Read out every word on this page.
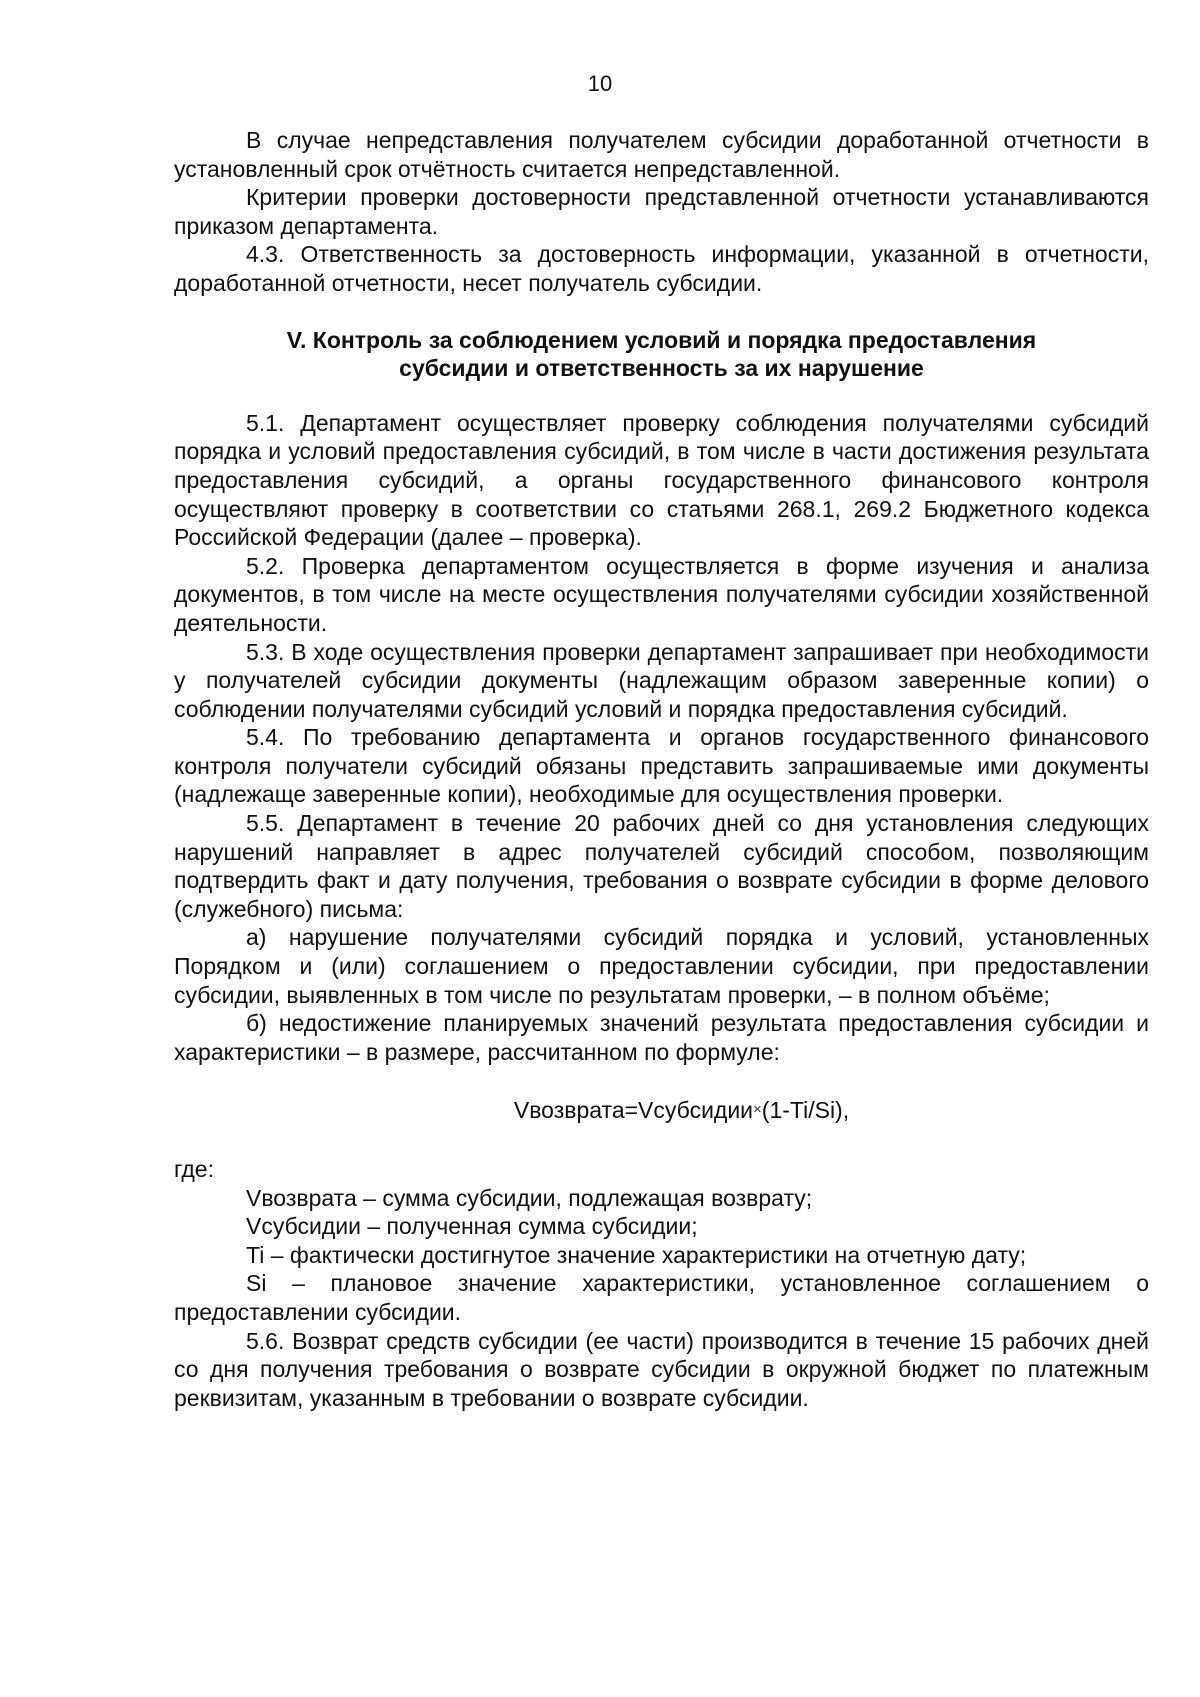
10

В случае непредставления получателем субсидии доработанной отчетности в установленный срок отчётность считается непредставленной.

Критерии проверки достоверности представленной отчетности устанавливаются приказом департамента.

4.3. Ответственность за достоверность информации, указанной в отчетности, доработанной отчетности, несет получатель субсидии.

V. Контроль за соблюдением условий и порядка предоставления
субсидии и ответственность за их нарушение

5.1. Департамент осуществляет проверку соблюдения получателями субсидий порядка и условий предоставления субсидий, в том числе в части достижения результата предоставления субсидий, а органы государственного финансового контроля осуществляют проверку в соответствии со статьями 268.1, 269.2 Бюджетного кодекса Российской Федерации (далее – проверка).

5.2. Проверка департаментом осуществляется в форме изучения и анализа документов, в том числе на месте осуществления получателями субсидии хозяйственной деятельности.

5.3. В ходе осуществления проверки департамент запрашивает при необходимости у получателей субсидии документы (надлежащим образом заверенные копии) о соблюдении получателями субсидий условий и порядка предоставления субсидий.

5.4. По требованию департамента и органов государственного финансового контроля получатели субсидий обязаны представить запрашиваемые ими документы (надлежаще заверенные копии), необходимые для осуществления проверки.

5.5. Департамент в течение 20 рабочих дней со дня установления следующих нарушений направляет в адрес получателей субсидий способом, позволяющим подтвердить факт и дату получения, требования о возврате субсидии в форме делового (служебного) письма:

а) нарушение получателями субсидий порядка и условий, установленных Порядком и (или) соглашением о предоставлении субсидии, при предоставлении субсидии, выявленных в том числе по результатам проверки, – в полном объёме;

б) недостижение планируемых значений результата предоставления субсидии и характеристики – в размере, рассчитанном по формуле:

Vвозврата=Vсубсидии×(1-Ti/Si),

где:

Vвозврата – сумма субсидии, подлежащая возврату;

Vсубсидии – полученная сумма субсидии;

Ti – фактически достигнутое значение характеристики на отчетную дату;

Si – плановое значение характеристики, установленное соглашением о предоставлении субсидии.

5.6. Возврат средств субсидии (ее части) производится в течение 15 рабочих дней со дня получения требования о возврате субсидии в окружной бюджет по платежным реквизитам, указанным в требовании о возврате субсидии.
